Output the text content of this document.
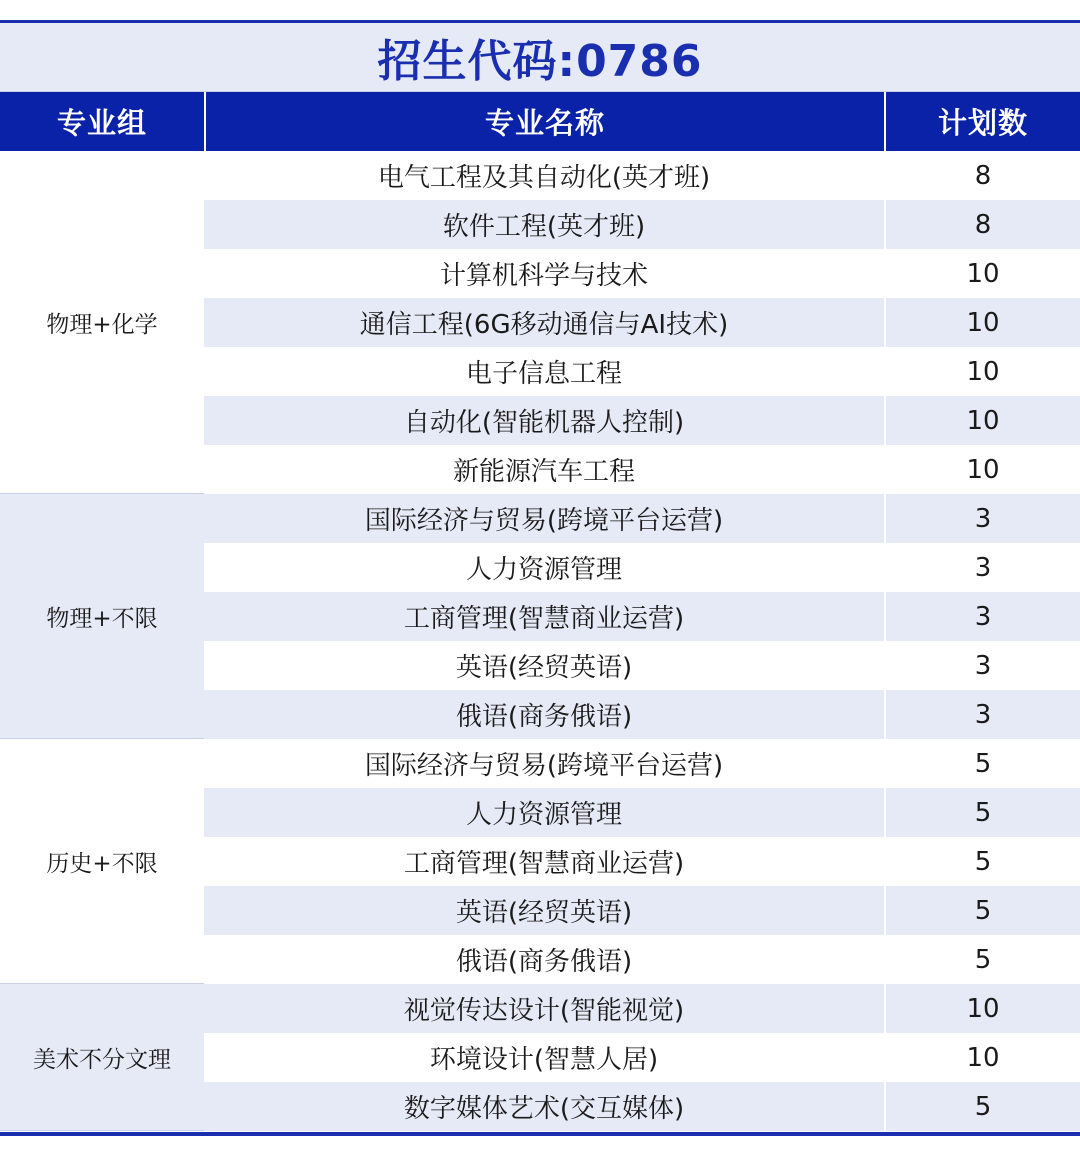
招生代码:0786
专业组	专业名称	计划数
物理+化学
电气工程及其自动化(英才班)	8
软件工程(英才班)	8
计算机科学与技术	10
通信工程(6G移动通信与AI技术)	10
电子信息工程	10
自动化(智能机器人控制)	10
新能源汽车工程	10
物理+不限
国际经济与贸易(跨境平台运营)	3
人力资源管理	3
工商管理(智慧商业运营)	3
英语(经贸英语)	3
俄语(商务俄语)	3
历史+不限
国际经济与贸易(跨境平台运营)	5
人力资源管理	5
工商管理(智慧商业运营)	5
英语(经贸英语)	5
俄语(商务俄语)	5
美术不分文理
视觉传达设计(智能视觉)	10
环境设计(智慧人居)	10
数字媒体艺术(交互媒体)	5
